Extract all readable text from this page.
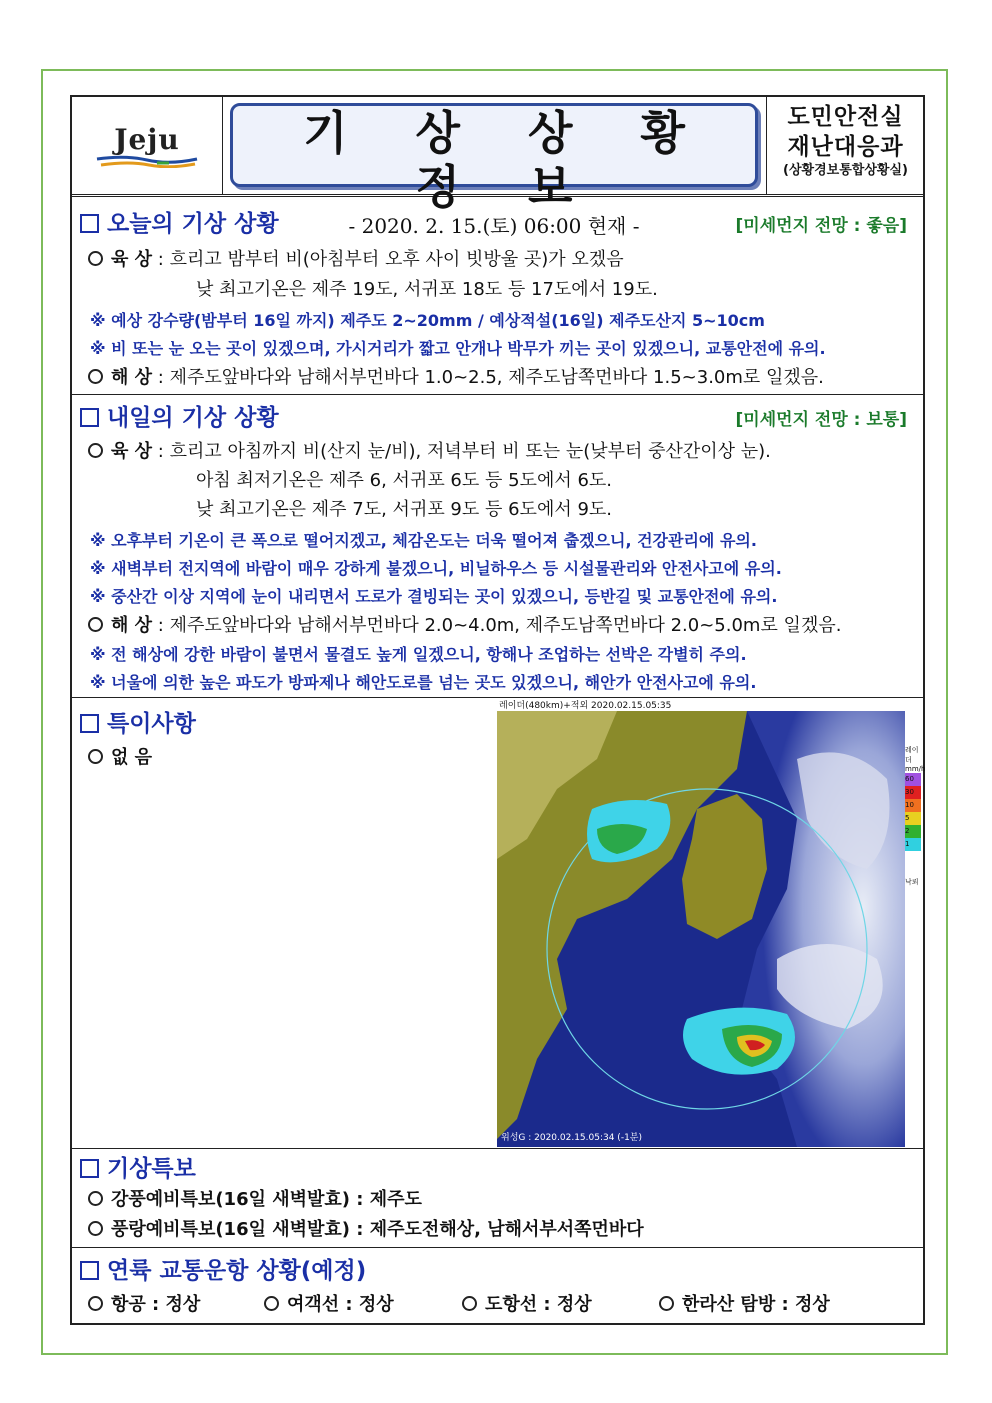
Jeju	기 상 상 황 정 보
- 2020. 2. 15.(토) 06:00 현재 -
도민안전실
재난대응과
(상황경보통합상황실)
오늘의 기상 상황	[미세먼지 전망 : 좋음]
육 상 : 흐리고 밤부터 비(아침부터 오후 사이 빗방울 곳)가 오겠음
낮 최고기온은 제주 19도, 서귀포 18도 등 17도에서 19도.
※ 예상 강수량(밤부터 16일 까지) 제주도 2~20mm / 예상적설(16일) 제주도산지 5~10cm
※ 비 또는 눈 오는 곳이 있겠으며, 가시거리가 짧고 안개나 박무가 끼는 곳이 있겠으니, 교통안전에 유의.
해 상 : 제주도앞바다와 남해서부먼바다 1.0~2.5, 제주도남쪽먼바다 1.5~3.0m로 일겠음.
내일의 기상 상황	[미세먼지 전망 : 보통]
육 상 : 흐리고 아침까지 비(산지 눈/비), 저녁부터 비 또는 눈(낮부터 중산간이상 눈).
아침 최저기온은 제주 6, 서귀포 6도 등 5도에서 6도.
낮 최고기온은 제주 7도, 서귀포 9도 등 6도에서 9도.
※ 오후부터 기온이 큰 폭으로 떨어지겠고, 체감온도는 더욱 떨어져 춥겠으니, 건강관리에 유의.
※ 새벽부터 전지역에 바람이 매우 강하게 불겠으니, 비닐하우스 등 시설물관리와 안전사고에 유의.
※ 중산간 이상 지역에 눈이 내리면서 도로가 결빙되는 곳이 있겠으니, 등반길 및 교통안전에 유의.
해 상 : 제주도앞바다와 남해서부먼바다 2.0~4.0m, 제주도남쪽먼바다 2.0~5.0m로 일겠음.
※ 전 해상에 강한 바람이 불면서 물결도 높게 일겠으니, 항해나 조업하는 선박은 각별히 주의.
※ 너울에 의한 높은 파도가 방파제나 해안도로를 넘는 곳도 있겠으니, 해안가 안전사고에 유의.
특이사항
없 음
레이더(480km)+적외 2020.02.15.05:35
위성G : 2020.02.15.05:34 (-1분)
레이더
mm/h
60
30
10
5
2
1
낙뢰
기상특보
강풍예비특보(16일 새벽발효) : 제주도
풍랑예비특보(16일 새벽발효) : 제주도전해상, 남해서부서쪽먼바다
연륙 교통운항 상황(예정)
항공 : 정상	여객선 : 정상	도항선 : 정상	한라산 탐방 : 정상
